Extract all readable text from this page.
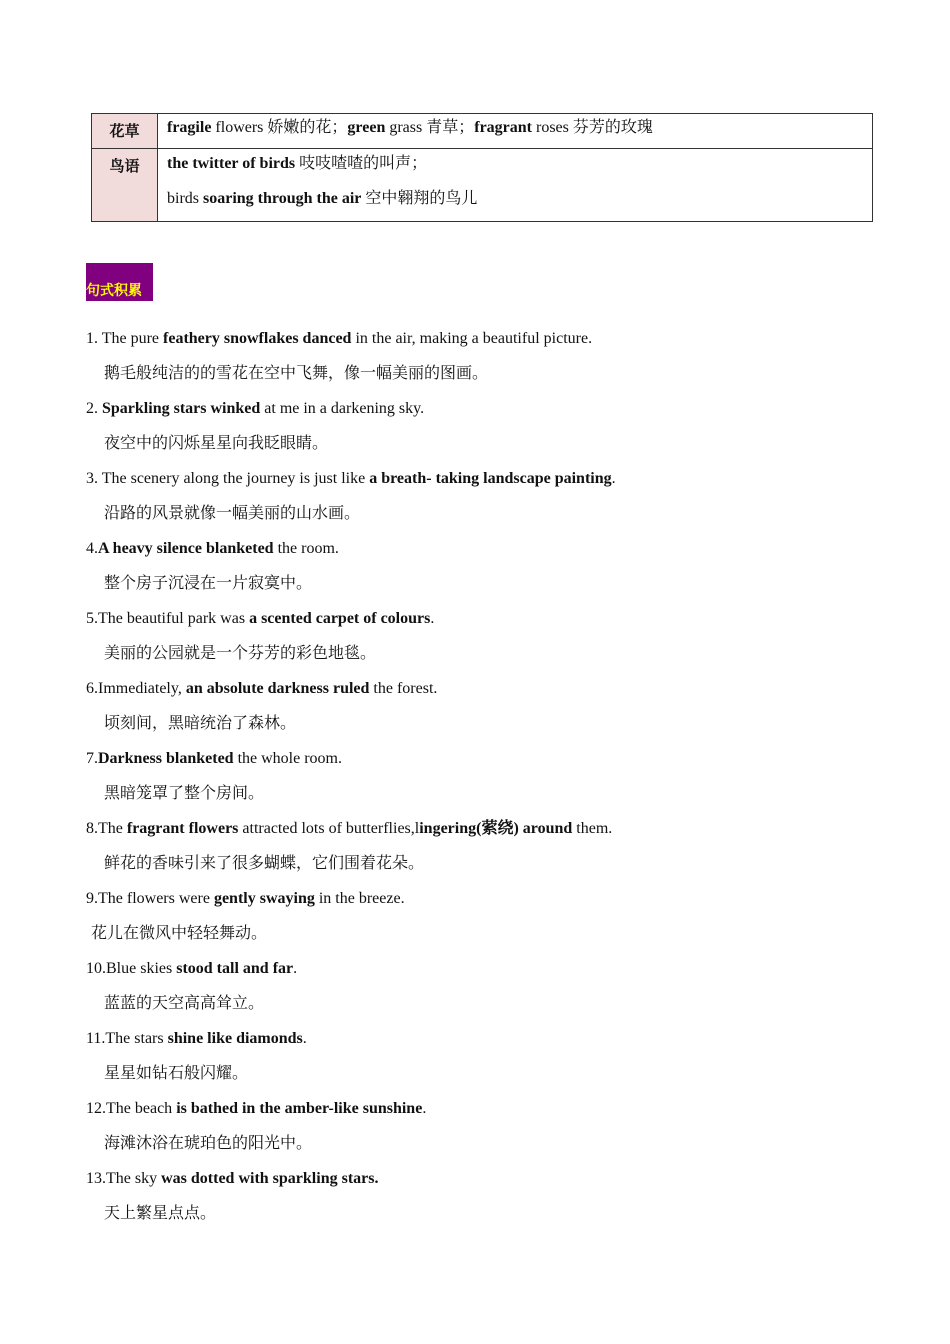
花草	fragile flowers 娇嫩的花；green grass 青草；fragrant roses 芬芳的玫瑰

鸟语	the twitter of birds 吱吱喳喳的叫声；
birds soaring through the air 空中翱翔的鸟儿
句式积累
1. The pure feathery snowflakes danced in the air, making a beautiful picture.
鹅毛般纯洁的的雪花在空中飞舞，像一幅美丽的图画。
2. Sparkling stars winked at me in a darkening sky.
夜空中的闪烁星星向我眨眼睛。
3. The scenery along the journey is just like a breath- taking landscape painting.
沿路的风景就像一幅美丽的山水画。
4.A heavy silence blanketed the room.
整个房子沉浸在一片寂寞中。
5.The beautiful park was a scented carpet of colours.
美丽的公园就是一个芬芳的彩色地毯。
6.Immediately, an absolute darkness ruled the forest.
顷刻间，黑暗统治了森林。
7.Darkness blanketed the whole room.
黑暗笼罩了整个房间。
8.The fragrant flowers attracted lots of butterflies,lingering(萦绕) around them.
鲜花的香味引来了很多蝴蝶，它们围着花朵。
9.The flowers were gently swaying in the breeze.
花儿在微风中轻轻舞动。
10.Blue skies stood tall and far.
蓝蓝的天空高高耸立。
11.The stars shine like diamonds.
星星如钻石般闪耀。
12.The beach is bathed in the amber-like sunshine.
海滩沐浴在琥珀色的阳光中。
13.The sky was dotted with sparkling stars.
天上繁星点点。
